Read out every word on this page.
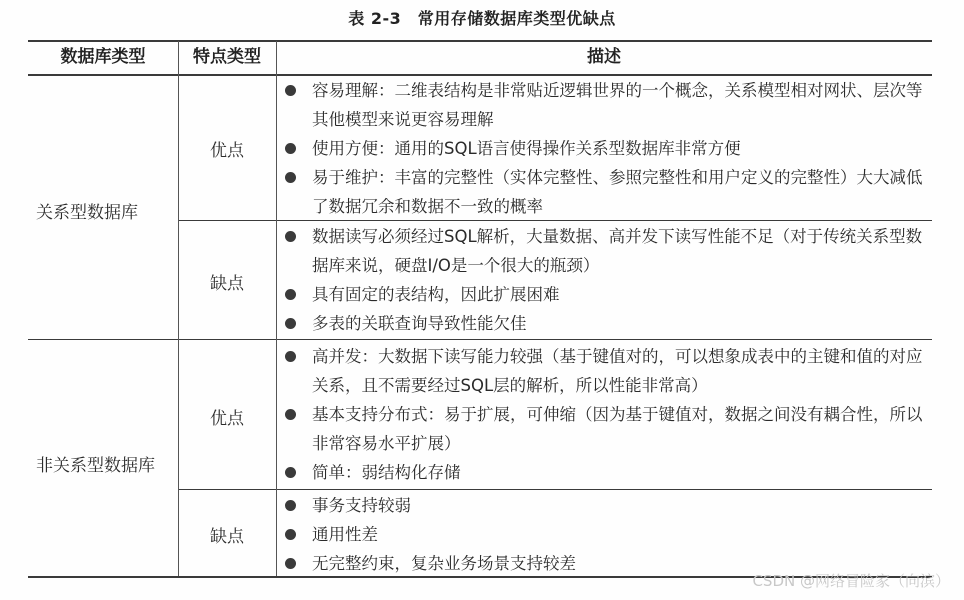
表 2-3　常用存储数据库类型优缺点
数据库类型	特点类型	描述
关系型数据库
优点
缺点
容易理解：二维表结构是非常贴近逻辑世界的一个概念，关系模型相对网状、层次等其他模型来说更容易理解
使用方便：通用的SQL语言使得操作关系型数据库非常方便
易于维护：丰富的完整性（实体完整性、参照完整性和用户定义的完整性）大大减低了数据冗余和数据不一致的概率
数据读写必须经过SQL解析，大量数据、高并发下读写性能不足（对于传统关系型数据库来说，硬盘I/O是一个很大的瓶颈）
具有固定的表结构，因此扩展困难
多表的关联查询导致性能欠佳
非关系型数据库
优点
缺点
高并发：大数据下读写能力较强（基于键值对的，可以想象成表中的主键和值的对应关系，且不需要经过SQL层的解析，所以性能非常高）
基本支持分布式：易于扩展，可伸缩（因为基于键值对，数据之间没有耦合性，所以非常容易水平扩展）
简单：弱结构化存储
事务支持较弱
通用性差
无完整约束，复杂业务场景支持较差
CSDN @网络冒险家（向滨）
